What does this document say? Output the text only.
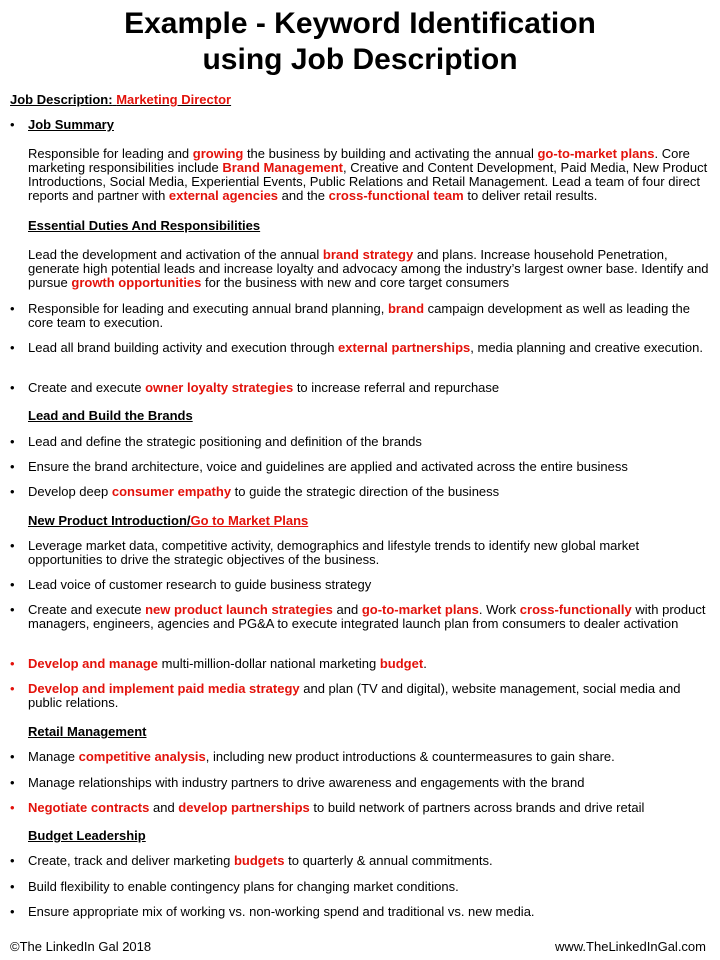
Example - Keyword Identification
using Job Description
Job Description: Marketing Director
• Job Summary
Responsible for leading and growing the business by building and activating the annual go-to-market plans. Core marketing responsibilities include Brand Management, Creative and Content Development, Paid Media, New Product Introductions, Social Media, Experiential Events, Public Relations and Retail Management. Lead a team of four direct reports and partner with external agencies and the cross-functional team to deliver retail results.
Essential Duties And Responsibilities
Lead the development and activation of the annual brand strategy and plans. Increase household Penetration, generate high potential leads and increase loyalty and advocacy among the industry’s largest owner base. Identify and pursue growth opportunities for the business with new and core target consumers
• Responsible for leading and executing annual brand planning, brand campaign development as well as leading the core team to execution.
• Lead all brand building activity and execution through external partnerships, media planning and creative execution.
• Create and execute owner loyalty strategies to increase referral and repurchase
Lead and Build the Brands
• Lead and define the strategic positioning and definition of the brands
• Ensure the brand architecture, voice and guidelines are applied and activated across the entire business
• Develop deep consumer empathy to guide the strategic direction of the business
New Product Introduction/Go to Market Plans
• Leverage market data, competitive activity, demographics and lifestyle trends to identify new global market opportunities to drive the strategic objectives of the business.
• Lead voice of customer research to guide business strategy
• Create and execute new product launch strategies and go-to-market plans. Work cross-functionally with product managers, engineers, agencies and PG&A to execute integrated launch plan from consumers to dealer activation
• Develop and manage multi-million-dollar national marketing budget.
• Develop and implement paid media strategy and plan (TV and digital), website management, social media and public relations.
Retail Management
• Manage competitive analysis, including new product introductions & countermeasures to gain share.
• Manage relationships with industry partners to drive awareness and engagements with the brand
• Negotiate contracts and develop partnerships to build network of partners across brands and drive retail
Budget Leadership
• Create, track and deliver marketing budgets to quarterly & annual commitments.
• Build flexibility to enable contingency plans for changing market conditions.
• Ensure appropriate mix of working vs. non-working spend and traditional vs. new media.
©The LinkedIn Gal 2018	www.TheLinkedInGal.com
